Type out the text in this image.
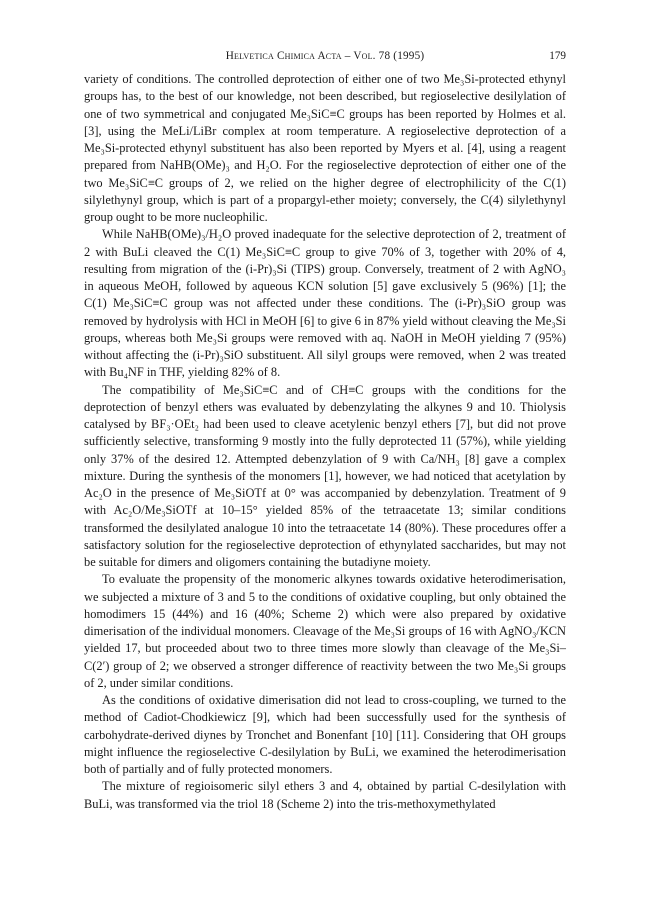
Helvetica Chimica Acta – Vol. 78 (1995)	179

variety of conditions. The controlled deprotection of either one of two Me₃Si-protected ethynyl groups has, to the best of our knowledge, not been described, but regioselective desilylation of one of two symmetrical and conjugated Me₃SiC≡C groups has been reported by Holmes et al. [3], using the MeLi/LiBr complex at room temperature. A regioselective deprotection of a Me₃Si-protected ethynyl substituent has also been reported by Myers et al. [4], using a reagent prepared from NaHB(OMe)₃ and H₂O. For the regioselective deprotection of either one of the two Me₃SiC≡C groups of 2, we relied on the higher degree of electrophilicity of the C(1) silylethynyl group, which is part of a propargyl-ether moiety; conversely, the C(4) silylethynyl group ought to be more nucleophilic.

While NaHB(OMe)₃/H₂O proved inadequate for the selective deprotection of 2, treatment of 2 with BuLi cleaved the C(1) Me₃SiC≡C group to give 70% of 3, together with 20% of 4, resulting from migration of the (i-Pr)₃Si (TIPS) group. Conversely, treatment of 2 with AgNO₃ in aqueous MeOH, followed by aqueous KCN solution [5] gave exclusively 5 (96%) [1]; the C(1) Me₃SiC≡C group was not affected under these conditions. The (i-Pr)₃SiO group was removed by hydrolysis with HCl in MeOH [6] to give 6 in 87% yield without cleaving the Me₃Si groups, whereas both Me₃Si groups were removed with aq. NaOH in MeOH yielding 7 (95%) without affecting the (i-Pr)₃SiO substituent. All silyl groups were removed, when 2 was treated with Bu₄NF in THF, yielding 82% of 8.

The compatibility of Me₃SiC≡C and of CH≡C groups with the conditions for the deprotection of benzyl ethers was evaluated by debenzylating the alkynes 9 and 10. Thiolysis catalysed by BF₃·OEt₂ had been used to cleave acetylenic benzyl ethers [7], but did not prove sufficiently selective, transforming 9 mostly into the fully deprotected 11 (57%), while yielding only 37% of the desired 12. Attempted debenzylation of 9 with Ca/NH₃ [8] gave a complex mixture. During the synthesis of the monomers [1], however, we had noticed that acetylation by Ac₂O in the presence of Me₃SiOTf at 0° was accompanied by debenzylation. Treatment of 9 with Ac₂O/Me₃SiOTf at 10–15° yielded 85% of the tetraacetate 13; similar conditions transformed the desilylated analogue 10 into the tetraacetate 14 (80%). These procedures offer a satisfactory solution for the regioselective deprotection of ethynylated saccharides, but may not be suitable for dimers and oligomers containing the butadiyne moiety.

To evaluate the propensity of the monomeric alkynes towards oxidative heterodimerisation, we subjected a mixture of 3 and 5 to the conditions of oxidative coupling, but only obtained the homodimers 15 (44%) and 16 (40%; Scheme 2) which were also prepared by oxidative dimerisation of the individual monomers. Cleavage of the Me₃Si groups of 16 with AgNO₃/KCN yielded 17, but proceeded about two to three times more slowly than cleavage of the Me₃Si–C(2′) group of 2; we observed a stronger difference of reactivity between the two Me₃Si groups of 2, under similar conditions.

As the conditions of oxidative dimerisation did not lead to cross-coupling, we turned to the method of Cadiot-Chodkiewicz [9], which had been successfully used for the synthesis of carbohydrate-derived diynes by Tronchet and Bonenfant [10] [11]. Considering that OH groups might influence the regioselective C-desilylation by BuLi, we examined the heterodimerisation both of partially and of fully protected monomers.

The mixture of regioisomeric silyl ethers 3 and 4, obtained by partial C-desilylation with BuLi, was transformed via the triol 18 (Scheme 2) into the tris-methoxymethylated
